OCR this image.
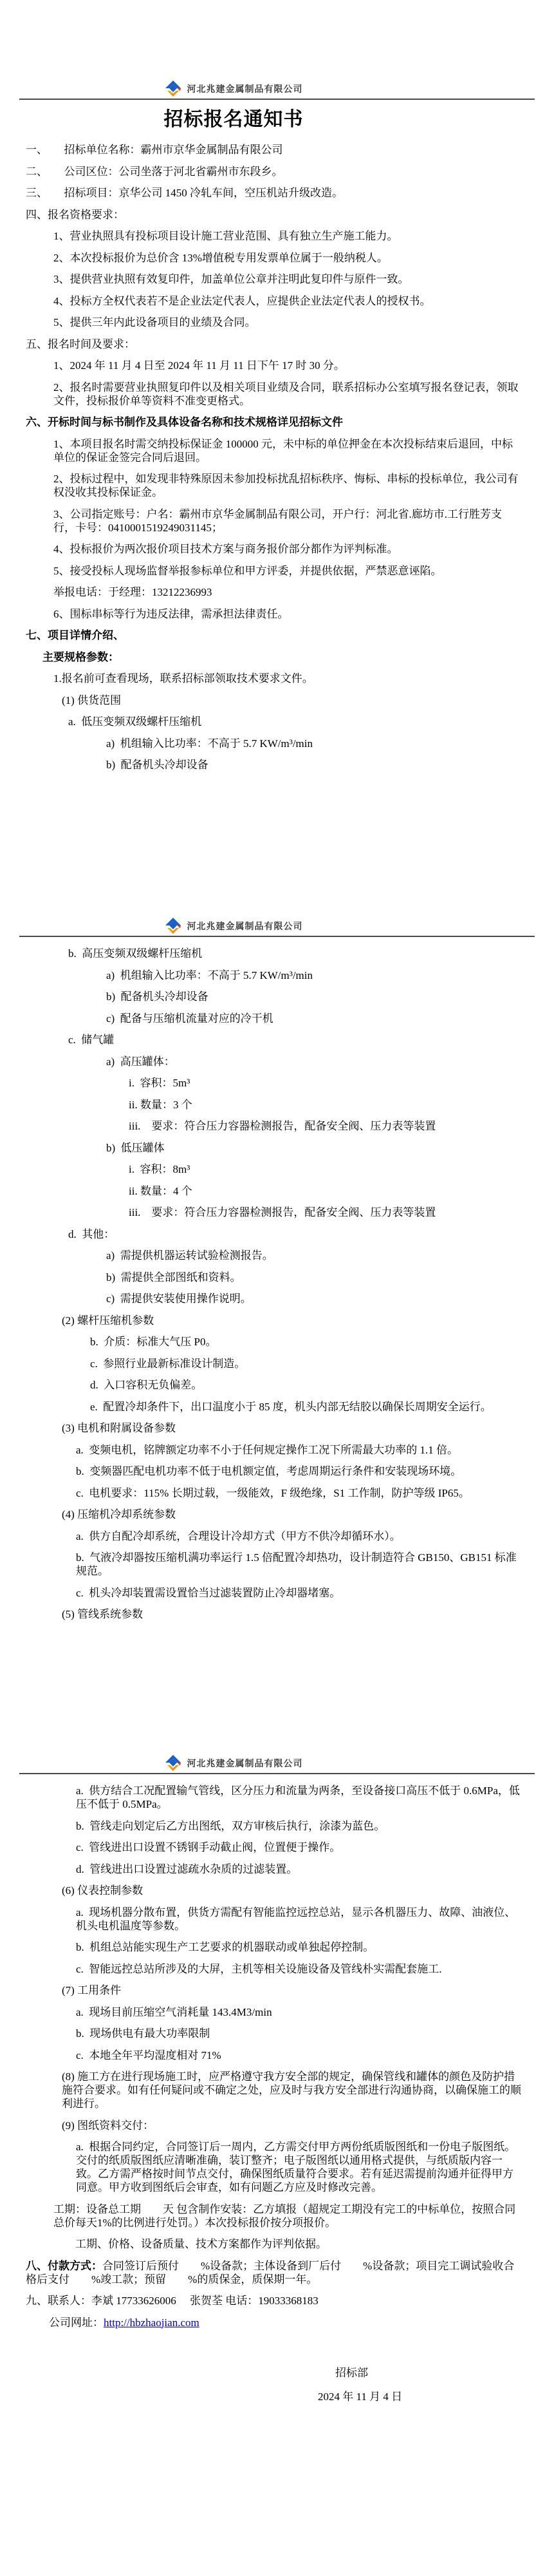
河北兆建金属制品有限公司
招标报名通知书
一、　　招标单位名称：霸州市京华金属制品有限公司
二、　　公司区位：公司坐落于河北省霸州市东段乡。
三、　　招标项目：京华公司 1450 冷轧车间，空压机站升级改造。
四、报名资格要求：
1、营业执照具有投标项目设计施工营业范围、具有独立生产施工能力。
2、本次投标报价为总价含 13%增值税专用发票单位属于一般纳税人。
3、提供营业执照有效复印件，加盖单位公章并注明此复印件与原件一致。
4、投标方全权代表若不是企业法定代表人，应提供企业法定代表人的授权书。
5、提供三年内此设备项目的业绩及合同。
五、报名时间及要求：
1、2024 年 11 月 4 日至 2024 年 11 月 11 日下午 17 时 30 分。
2、报名时需要营业执照复印件以及相关项目业绩及合同，联系招标办公室填写报名登记表，领取文件，投标报价单等资料不准变更格式。
六、开标时间与标书制作及具体设备名称和技术规格详见招标文件
1、本项目报名时需交纳投标保证金 100000 元，未中标的单位押金在本次投标结束后退回，中标单位的保证金签完合同后退回。
2、投标过程中，如发现非特殊原因未参加投标扰乱招标秩序、悔标、串标的投标单位，我公司有权没收其投标保证金。
3、公司指定账号：户名：霸州市京华金属制品有限公司，开户行：河北省.廊坊市.工行胜芳支行，卡号：0410001519249031145；
4、投标报价为两次报价项目技术方案与商务报价部分都作为评判标准。
5、接受投标人现场监督举报参标单位和甲方评委，并提供依据，严禁恶意诬陷。
举报电话：于经理：13212236993
6、围标串标等行为违反法律，需承担法律责任。
七、项目详情介绍、
主要规格参数：
1.报名前可查看现场，联系招标部领取技术要求文件。
(1) 供货范围
a.  低压变频双级螺杆压缩机
a)  机组输入比功率：不高于 5.7 KW/m³/min
b)  配备机头冷却设备
河北兆建金属制品有限公司
b.  高压变频双级螺杆压缩机
a)  机组输入比功率：不高于 5.7 KW/m³/min
b)  配备机头冷却设备
c)  配备与压缩机流量对应的冷干机
c.  储气罐
a)  高压罐体：
i.  容积：5m³
ii. 数量：3 个
iii.　要求：符合压力容器检测报告，配备安全阀、压力表等装置
b)  低压罐体
i.  容积：8m³
ii. 数量：4 个
iii.　要求：符合压力容器检测报告，配备安全阀、压力表等装置
d.  其他：
a)  需提供机器运转试验检测报告。
b)  需提供全部图纸和资料。
c)  需提供安装使用操作说明。
(2) 螺杆压缩机参数
b.  介质：标准大气压 P0。
c.  参照行业最新标准设计制造。
d.  入口容积无负偏差。
e.  配置冷却条件下，出口温度小于 85 度，机头内部无结胶以确保长周期安全运行。
(3) 电机和附属设备参数
a.  变频电机，铭牌额定功率不小于任何规定操作工况下所需最大功率的 1.1 倍。
b.  变频器匹配电机功率不低于电机额定值，考虑周期运行条件和安装现场环境。
c.  电机要求：115% 长期过载，一级能效，F 级绝缘，S1 工作制，防护等级 IP65。
(4) 压缩机冷却系统参数
a.  供方自配冷却系统，合理设计冷却方式（甲方不供冷却循环水）。
b.  气液冷却器按压缩机满功率运行 1.5 倍配置冷却热功，设计制造符合 GB150、GB151 标准规范。
c.  机头冷却装置需设置恰当过滤装置防止冷却器堵塞。
(5) 管线系统参数
河北兆建金属制品有限公司
a.  供方结合工况配置输气管线，区分压力和流量为两条，至设备接口高压不低于 0.6MPa，低压不低于 0.5MPa。
b.  管线走向划定后乙方出图纸，双方审核后执行，涂漆为蓝色。
c.  管线进出口设置不锈钢手动截止阀，位置便于操作。
d.  管线进出口设置过滤疏水杂质的过滤装置。
(6) 仪表控制参数
a.  现场机器分散布置，供货方需配有智能监控远控总站，显示各机器压力、故障、油液位、机头电机温度等参数。
b.  机组总站能实现生产工艺要求的机器联动或单独起停控制。
c.  智能远控总站所涉及的大屏，主机等相关设施设备及管线朴实需配套施工.
(7) 工用条件
a.  现场目前压缩空气消耗量 143.4M3/min
b.  现场供电有最大功率限制
c.  本地全年平均湿度相对 71%
(8) 施工方在进行现场施工时，应严格遵守我方安全部的规定，确保管线和罐体的颜色及防护措施符合要求。如有任何疑问或不确定之处，应及时与我方安全部进行沟通协商，以确保施工的顺利进行。
(9) 图纸资料交付：
a.  根据合同约定，合同签订后一周内，乙方需交付甲方两份纸质版图纸和一份电子版图纸。交付的纸质版图纸应清晰准确，装订整齐；电子版图纸以通用格式提供，与纸质版内容一致。乙方需严格按时间节点交付，确保图纸质量符合要求。若有延迟需提前沟通并征得甲方同意。甲方收到图纸后会审查，如有问题乙方应及时修改完善。
工期：设备总工期　　天 包含制作安装：乙方填报（超规定工期没有完工的中标单位，按照合同总价每天1%的比例进行处罚。）本次投标报价按分项报价。
工期、价格、设备质量、技术方案都作为评判依据。
八、付款方式：合同签订后预付　　%设备款；主体设备到厂后付　　%设备款；项目完工调试验收合格后支付　　%竣工款；预留　　%的质保金，质保期一年。
九、联系人：李斌 17733626006　 张贺荃 电话：19033368183
公司网址：http://hbzhaojian.com
招标部
2024 年 11 月 4 日
